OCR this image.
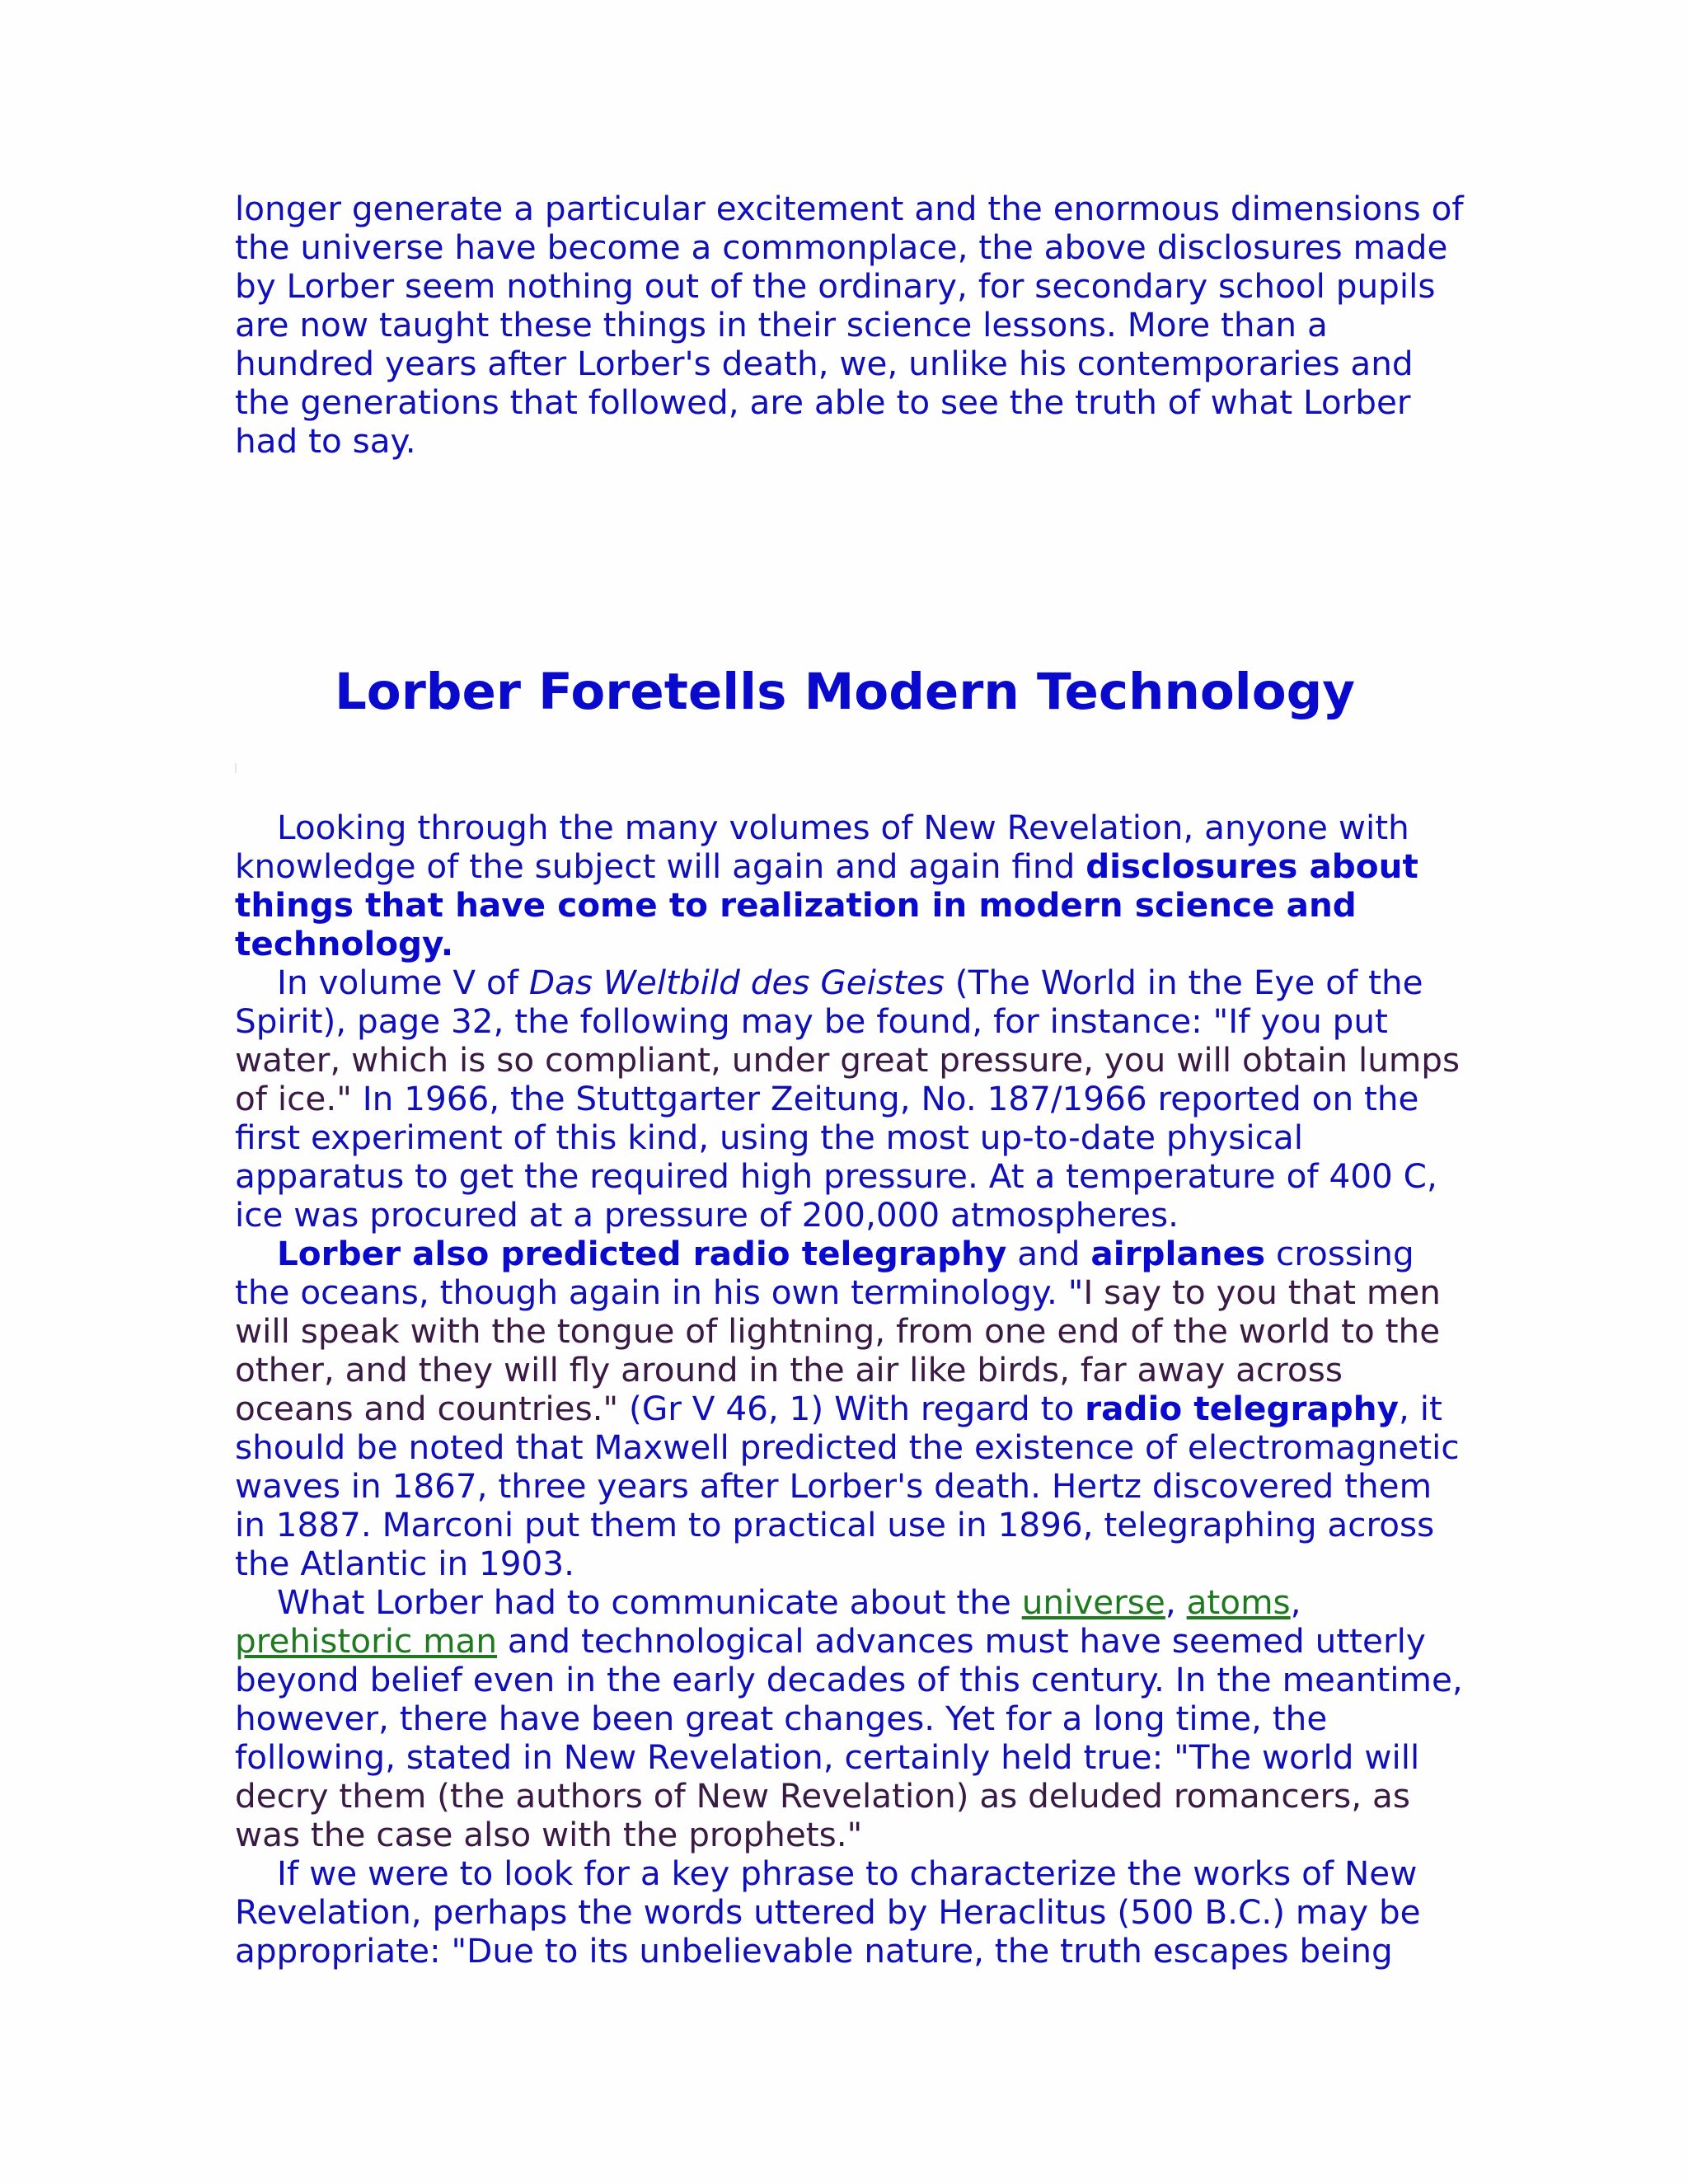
longer generate a particular excitement and the enormous dimensions of the universe have become a commonplace, the above disclosures made by Lorber seem nothing out of the ordinary, for secondary school pupils are now taught these things in their science lessons. More than a hundred years after Lorber's death, we, unlike his contemporaries and the generations that followed, are able to see the truth of what Lorber had to say.

Lorber Foretells Modern Technology

Looking through the many volumes of New Revelation, anyone with knowledge of the subject will again and again find disclosures about things that have come to realization in modern science and technology.

In volume V of Das Weltbild des Geistes (The World in the Eye of the Spirit), page 32, the following may be found, for instance: "If you put water, which is so compliant, under great pressure, you will obtain lumps of ice." In 1966, the Stuttgarter Zeitung, No. 187/1966 reported on the first experiment of this kind, using the most up-to-date physical apparatus to get the required high pressure. At a temperature of 400 C, ice was procured at a pressure of 200,000 atmospheres.

Lorber also predicted radio telegraphy and airplanes crossing the oceans, though again in his own terminology. "I say to you that men will speak with the tongue of lightning, from one end of the world to the other, and they will fly around in the air like birds, far away across oceans and countries." (Gr V 46, 1) With regard to radio telegraphy, it should be noted that Maxwell predicted the existence of electromagnetic waves in 1867, three years after Lorber's death. Hertz discovered them in 1887. Marconi put them to practical use in 1896, telegraphing across the Atlantic in 1903.

What Lorber had to communicate about the universe, atoms, prehistoric man and technological advances must have seemed utterly beyond belief even in the early decades of this century. In the meantime, however, there have been great changes. Yet for a long time, the following, stated in New Revelation, certainly held true: "The world will decry them (the authors of New Revelation) as deluded romancers, as was the case also with the prophets."

If we were to look for a key phrase to characterize the works of New Revelation, perhaps the words uttered by Heraclitus (500 B.C.) may be appropriate: "Due to its unbelievable nature, the truth escapes being
